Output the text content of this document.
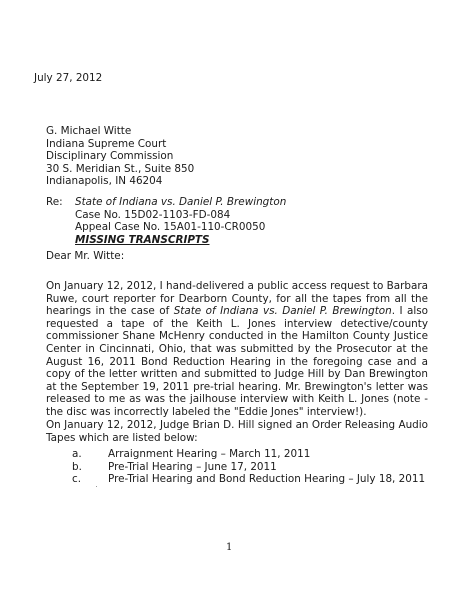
July 27, 2012
G. Michael Witte
Indiana Supreme Court
Disciplinary Commission
30 S. Meridian St., Suite 850
Indianapolis, IN 46204
Re: State of Indiana vs. Daniel P. Brewington
Case No. 15D02-1103-FD-084
Appeal Case No. 15A01-110-CR0050
MISSING TRANSCRIPTS
Dear Mr. Witte:
On January 12, 2012, I hand-delivered a public access request to Barbara Ruwe, court reporter for Dearborn County, for all the tapes from all the hearings in the case of State of Indiana vs. Daniel P. Brewington. I also requested a tape of the Keith L. Jones interview detective/county commissioner Shane McHenry conducted in the Hamilton County Justice Center in Cincinnati, Ohio, that was submitted by the Prosecutor at the August 16, 2011 Bond Reduction Hearing in the foregoing case and a copy of the letter written and submitted to Judge Hill by Dan Brewington at the September 19, 2011 pre-trial hearing. Mr. Brewington's letter was released to me as was the jailhouse interview with Keith L. Jones (note - the disc was incorrectly labeled the "Eddie Jones" interview!).
On January 12, 2012, Judge Brian D. Hill signed an Order Releasing Audio Tapes which are listed below:
a.	Arraignment Hearing – March 11, 2011
b.	Pre-Trial Hearing – June 17, 2011
c.	Pre-Trial Hearing and Bond Reduction Hearing – July 18, 2011
1
